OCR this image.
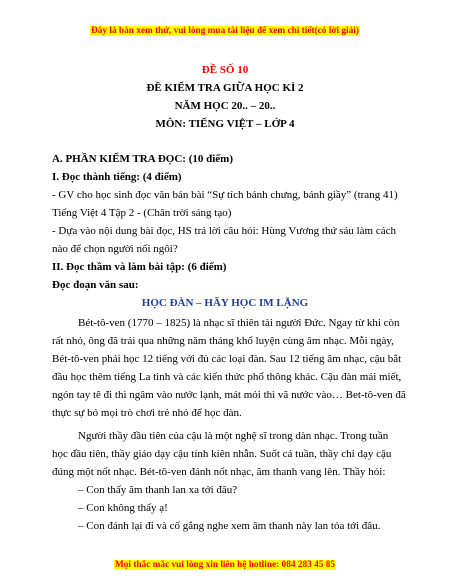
Đây là bản xem thử, vui lòng mua tài liệu để xem chi tiết(có lời giải)
ĐỀ SỐ 10
ĐỀ KIỂM TRA GIỮA HỌC KÌ 2
NĂM HỌC 20.. – 20..
MÔN: TIẾNG VIỆT – LỚP 4
A. PHẦN KIỂM TRA ĐỌC: (10 điểm)
I. Đọc thành tiếng: (4 điểm)
- GV cho học sinh đọc văn bản bài “Sự tích bánh chưng, bánh giầy” (trang 41)
Tiếng Việt 4 Tập 2 - (Chân trời sáng tạo)
- Dựa vào nội dung bài đọc, HS trả lời câu hỏi: Hùng Vương thứ sáu làm cách
nào để chọn người nối ngôi?
II. Đọc thầm và làm bài tập: (6 điểm)
Đọc đoạn văn sau:
HỌC ĐÀN – HÃY HỌC IM LẶNG
Bét-tô-ven (1770 – 1825) là nhạc sĩ thiên tài người Đức. Ngay từ khi còn
rất nhỏ, ông đã trải qua những năm tháng khổ luyện cùng âm nhạc. Mỗi ngày,
Bét-tô-ven phải học 12 tiếng với đủ các loại đàn. Sau 12 tiếng âm nhạc, cậu bắt
đầu học thêm tiếng La tinh và các kiến thức phổ thông khác. Cậu đàn mải miết,
ngón tay tê đi thì ngâm vào nước lạnh, mát mỏi thì vã nước vào… Bet-tô-ven đã
thực sự bỏ mọi trò chơi trẻ nhỏ để học đàn.
Người thầy đầu tiên của cậu là một nghệ sĩ trong dàn nhạc. Trong tuần
học đầu tiên, thầy giáo dạy cậu tính kiên nhẫn. Suốt cả tuần, thầy chỉ dạy cậu
đúng một nốt nhạc. Bét-tô-ven đánh nốt nhạc, âm thanh vang lên. Thầy hỏi:
– Con thấy âm thanh lan xa tới đâu?
– Con không thấy ạ!
– Con đánh lại đi và cố gắng nghe xem âm thanh này lan tỏa tới đâu.
Mọi thắc mắc vui lòng xin liên hệ hotline: 084 283 45 85
